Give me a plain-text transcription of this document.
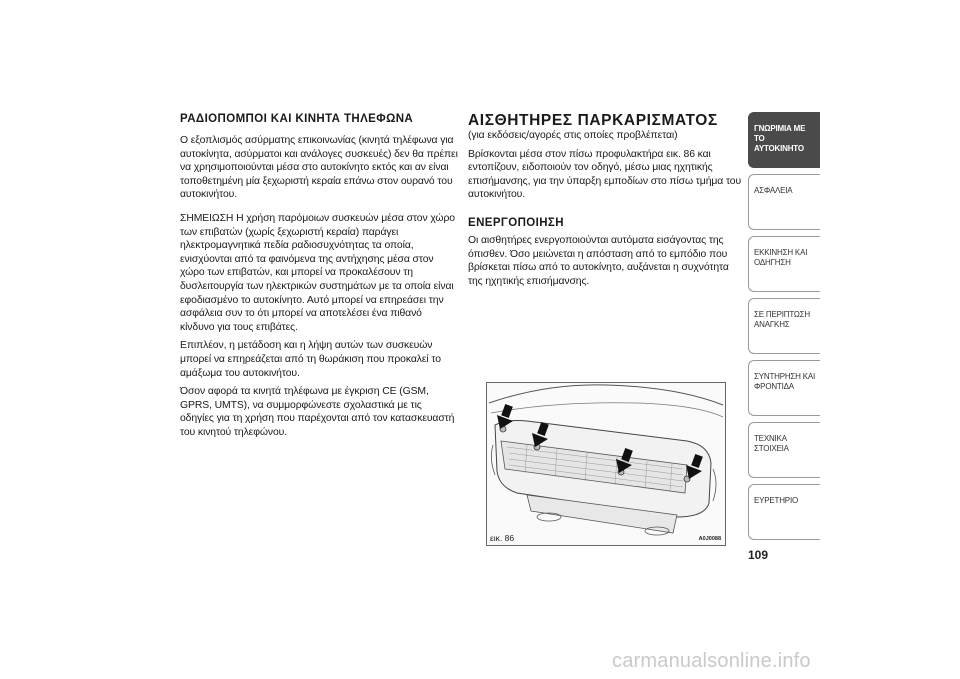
ΡΑΔΙΟΠΟΜΠΟΙ ΚΑΙ ΚΙΝΗΤΑ ΤΗΛΕΦΩΝΑ

Ο εξοπλισμός ασύρματης επικοινωνίας (κινητά τηλέφωνα για αυτοκίνητα, ασύρματοι και ανάλογες συσκευές) δεν θα πρέπει να χρησιμοποιούνται μέσα στο αυτοκίνητο εκτός και αν είναι τοποθετημένη μία ξεχωριστή κεραία επάνω στον ουρανό του αυτοκινήτου.

ΣΗΜΕΙΩΣΗ Η χρήση παρόμοιων συσκευών μέσα στον χώρο των επιβατών (χωρίς ξεχωριστή κεραία) παράγει ηλεκτρομαγνητικά πεδία ραδιοσυχνότητας τα οποία, ενισχύονται από τα φαινόμενα της αντήχησης μέσα στον χώρο των επιβατών, και μπορεί να προκαλέσουν τη δυσλειτουργία των ηλεκτρικών συστημάτων με τα οποία είναι εφοδιασμένο το αυτοκίνητο. Αυτό μπορεί να επηρεάσει την ασφάλεια συν το ότι μπορεί να αποτελέσει ένα πιθανό κίνδυνο για τους επιβάτες.

Επιπλέον, η μετάδοση και η λήψη αυτών των συσκευών μπορεί να επηρεάζεται από τη θωράκιση που προκαλεί το αμάξωμα του αυτοκινήτου.

Όσον αφορά τα κινητά τηλέφωνα με έγκριση CE (GSM, GPRS, UMTS), να συμμορφώνεστε σχολαστικά με τις οδηγίες για τη χρήση που παρέχονται από τον κατασκευαστή του κινητού τηλεφώνου.

ΑΙΣΘΗΤΗΡΕΣ ΠΑΡΚΑΡΙΣΜΑΤΟΣ

(για εκδόσεις/αγορές στις οποίες προβλέπεται)

Βρίσκονται μέσα στον πίσω προφυλακτήρα εικ. 86 και εντοπίζουν, ειδοποιούν τον οδηγό, μέσω μιας ηχητικής επισήμανσης, για την ύπαρξη εμποδίων στο πίσω τμήμα του αυτοκινήτου.

ΕΝΕΡΓΟΠΟΙΗΣΗ

Οι αισθητήρες ενεργοποιούνται αυτόματα εισάγοντας της όπισθεν. Όσο μειώνεται η απόσταση από το εμπόδιο που βρίσκεται πίσω από το αυτοκίνητο, αυξάνεται η συχνότητα της ηχητικής επισήμανσης.

εικ. 86	A0J0088
ΓΝΩΡΙΜΙΑ ΜΕ ΤΟ ΑΥΤΟΚΙΝΗΤΟ
ΑΣΦΑΛΕΙΑ
ΕΚΚΙΝΗΣΗ ΚΑΙ ΟΔΗΓΗΣΗ
ΣΕ ΠΕΡΙΠΤΩΣΗ ΑΝΑΓΚΗΣ
ΣΥΝΤΗΡΗΣΗ ΚΑΙ ΦΡΟΝΤΙΔΑ
ΤΕΧΝΙΚΑ ΣΤΟΙΧΕΙΑ
ΕΥΡΕΤΗΡΙΟ
109
carmanualsonline.info
